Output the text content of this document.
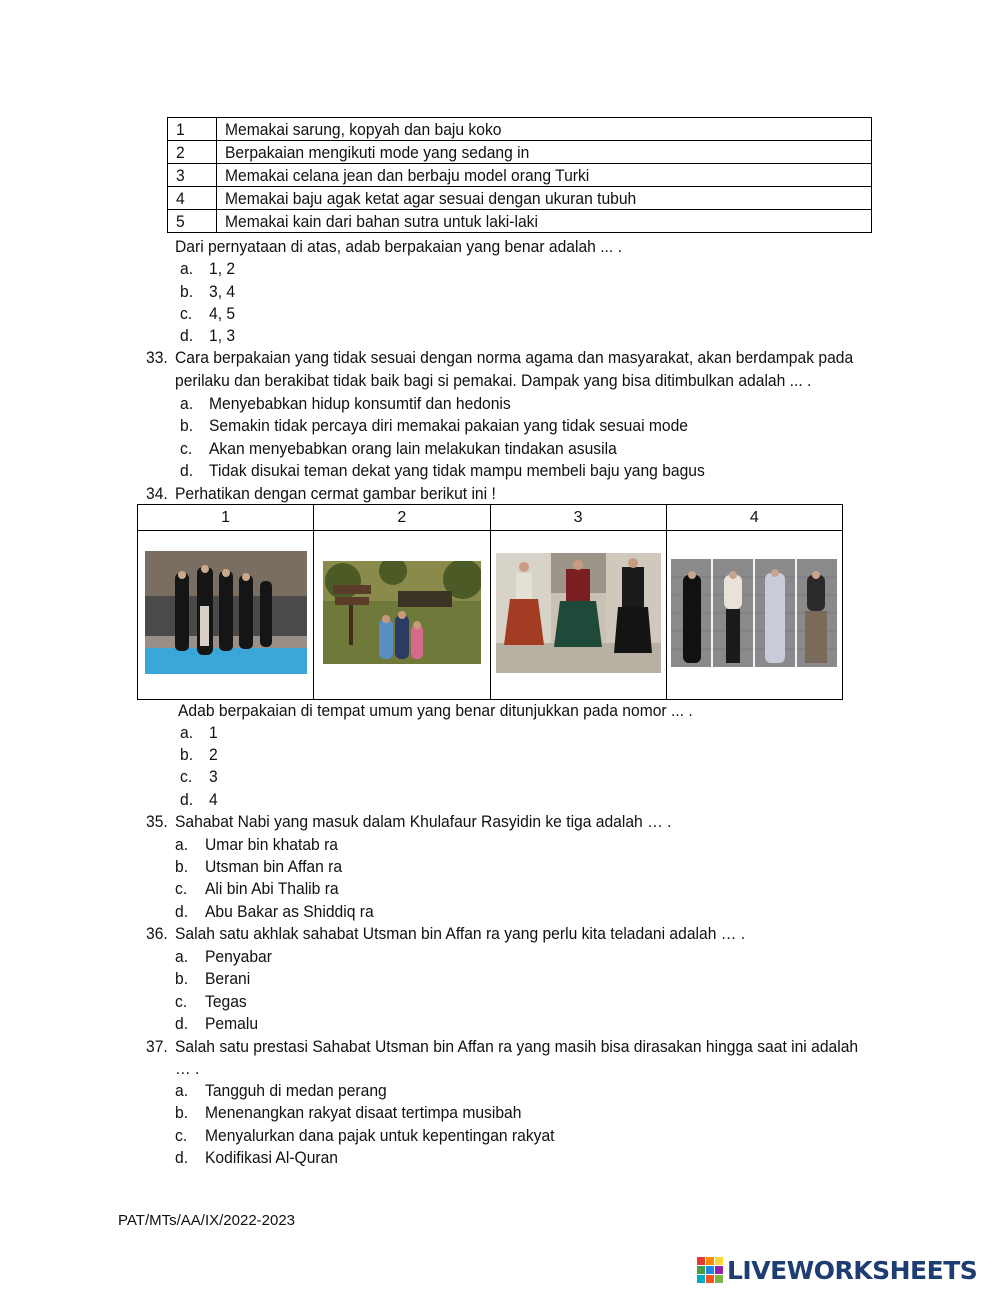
1	Memakai sarung, kopyah dan baju koko
2	Berpakaian mengikuti mode yang sedang in
3	Memakai celana jean dan berbaju model orang Turki
4	Memakai baju agak ketat agar sesuai dengan ukuran tubuh
5	Memakai kain dari bahan sutra untuk laki-laki
Dari pernyataan di atas, adab berpakaian yang benar adalah ... .
a. 1, 2
b. 3, 4
c. 4, 5
d. 1, 3
33. Cara berpakaian yang tidak sesuai dengan norma agama dan masyarakat, akan berdampak pada
perilaku dan berakibat tidak baik bagi si pemakai. Dampak yang bisa ditimbulkan adalah ... .
a. Menyebabkan hidup konsumtif dan hedonis
b. Semakin tidak percaya diri memakai pakaian yang tidak sesuai mode
c. Akan menyebabkan orang lain melakukan tindakan asusila
d. Tidak disukai teman dekat yang tidak mampu membeli baju yang bagus
34. Perhatikan dengan cermat gambar berikut ini !
1	2	3	4

Adab berpakaian di tempat umum yang benar ditunjukkan pada nomor ... .
a. 1
b. 2
c. 3
d. 4
35. Sahabat Nabi yang masuk dalam Khulafaur Rasyidin ke tiga adalah … .
a. Umar bin khatab ra
b. Utsman bin Affan ra
c. Ali bin Abi Thalib ra
d. Abu Bakar as Shiddiq ra
36. Salah satu akhlak sahabat Utsman bin Affan ra yang perlu kita teladani adalah … .
a. Penyabar
b. Berani
c. Tegas
d. Pemalu
37. Salah satu prestasi Sahabat Utsman bin Affan ra yang masih bisa dirasakan hingga saat ini adalah
… .
a. Tangguh di medan perang
b. Menenangkan rakyat disaat tertimpa musibah
c. Menyalurkan dana pajak untuk kepentingan rakyat
d. Kodifikasi Al-Quran
PAT/MTs/AA/IX/2022-2023
LIVEWORKSHEETS
